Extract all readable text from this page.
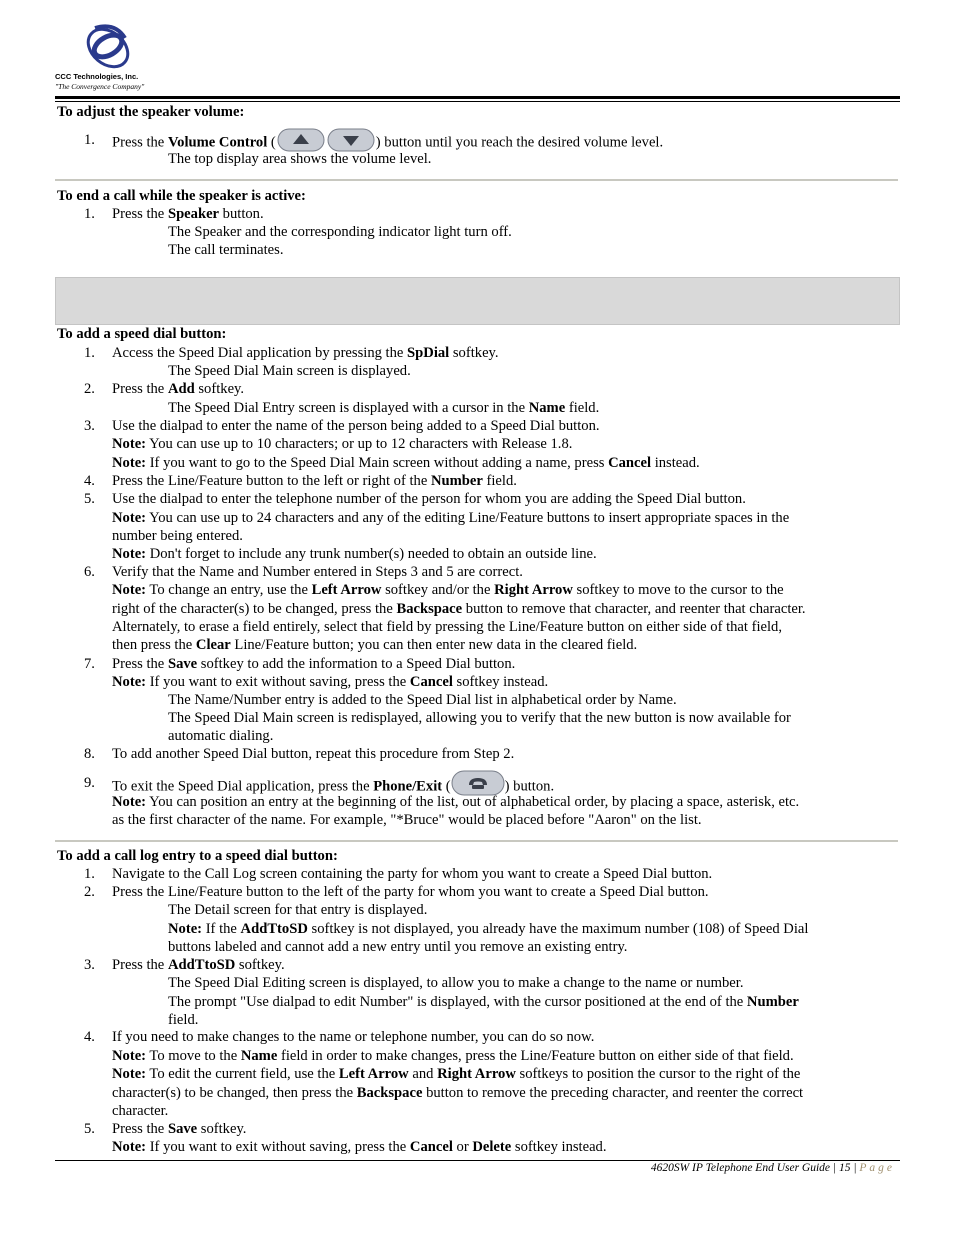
CCC Technologies, Inc.
"The Convergence Company"
To adjust the speaker volume:
1. Press the Volume Control (	) button until you reach the desired volume level.
The top display area shows the volume level.
To end a call while the speaker is active:
1. Press the Speaker button.
The Speaker and the corresponding indicator light turn off.
The call terminates.
To add a speed dial button:
1. Access the Speed Dial application by pressing the SpDial softkey.
The Speed Dial Main screen is displayed.
2. Press the Add softkey.
The Speed Dial Entry screen is displayed with a cursor in the Name field.
3. Use the dialpad to enter the name of the person being added to a Speed Dial button.
Note: You can use up to 10 characters; or up to 12 characters with Release 1.8.
Note: If you want to go to the Speed Dial Main screen without adding a name, press Cancel instead.
4. Press the Line/Feature button to the left or right of the Number field.
5. Use the dialpad to enter the telephone number of the person for whom you are adding the Speed Dial button.
Note: You can use up to 24 characters and any of the editing Line/Feature buttons to insert appropriate spaces in the
number being entered.
Note: Don't forget to include any trunk number(s) needed to obtain an outside line.
6. Verify that the Name and Number entered in Steps 3 and 5 are correct.
Note: To change an entry, use the Left Arrow softkey and/or the Right Arrow softkey to move to the cursor to the
right of the character(s) to be changed, press the Backspace button to remove that character, and reenter that character.
Alternately, to erase a field entirely, select that field by pressing the Line/Feature button on either side of that field,
then press the Clear Line/Feature button; you can then enter new data in the cleared field.
7. Press the Save softkey to add the information to a Speed Dial button.
Note: If you want to exit without saving, press the Cancel softkey instead.
The Name/Number entry is added to the Speed Dial list in alphabetical order by Name.
The Speed Dial Main screen is redisplayed, allowing you to verify that the new button is now available for
automatic dialing.
8. To add another Speed Dial button, repeat this procedure from Step 2.
9. To exit the Speed Dial application, press the Phone/Exit (	) button.
Note: You can position an entry at the beginning of the list, out of alphabetical order, by placing a space, asterisk, etc.
as the first character of the name. For example, "*Bruce" would be placed before "Aaron" on the list.
To add a call log entry to a speed dial button:
1. Navigate to the Call Log screen containing the party for whom you want to create a Speed Dial button.
2. Press the Line/Feature button to the left of the party for whom you want to create a Speed Dial button.
The Detail screen for that entry is displayed.
Note: If the AddTtoSD softkey is not displayed, you already have the maximum number (108) of Speed Dial
buttons labeled and cannot add a new entry until you remove an existing entry.
3. Press the AddTtoSD softkey.
The Speed Dial Editing screen is displayed, to allow you to make a change to the name or number.
The prompt "Use dialpad to edit Number" is displayed, with the cursor positioned at the end of the Number
field.
4. If you need to make changes to the name or telephone number, you can do so now.
Note: To move to the Name field in order to make changes, press the Line/Feature button on either side of that field.
Note: To edit the current field, use the Left Arrow and Right Arrow softkeys to position the cursor to the right of the
character(s) to be changed, then press the Backspace button to remove the preceding character, and reenter the correct
character.
5. Press the Save softkey.
Note: If you want to exit without saving, press the Cancel or Delete softkey instead.
4620SW IP Telephone End User Guide | 15 | Page
